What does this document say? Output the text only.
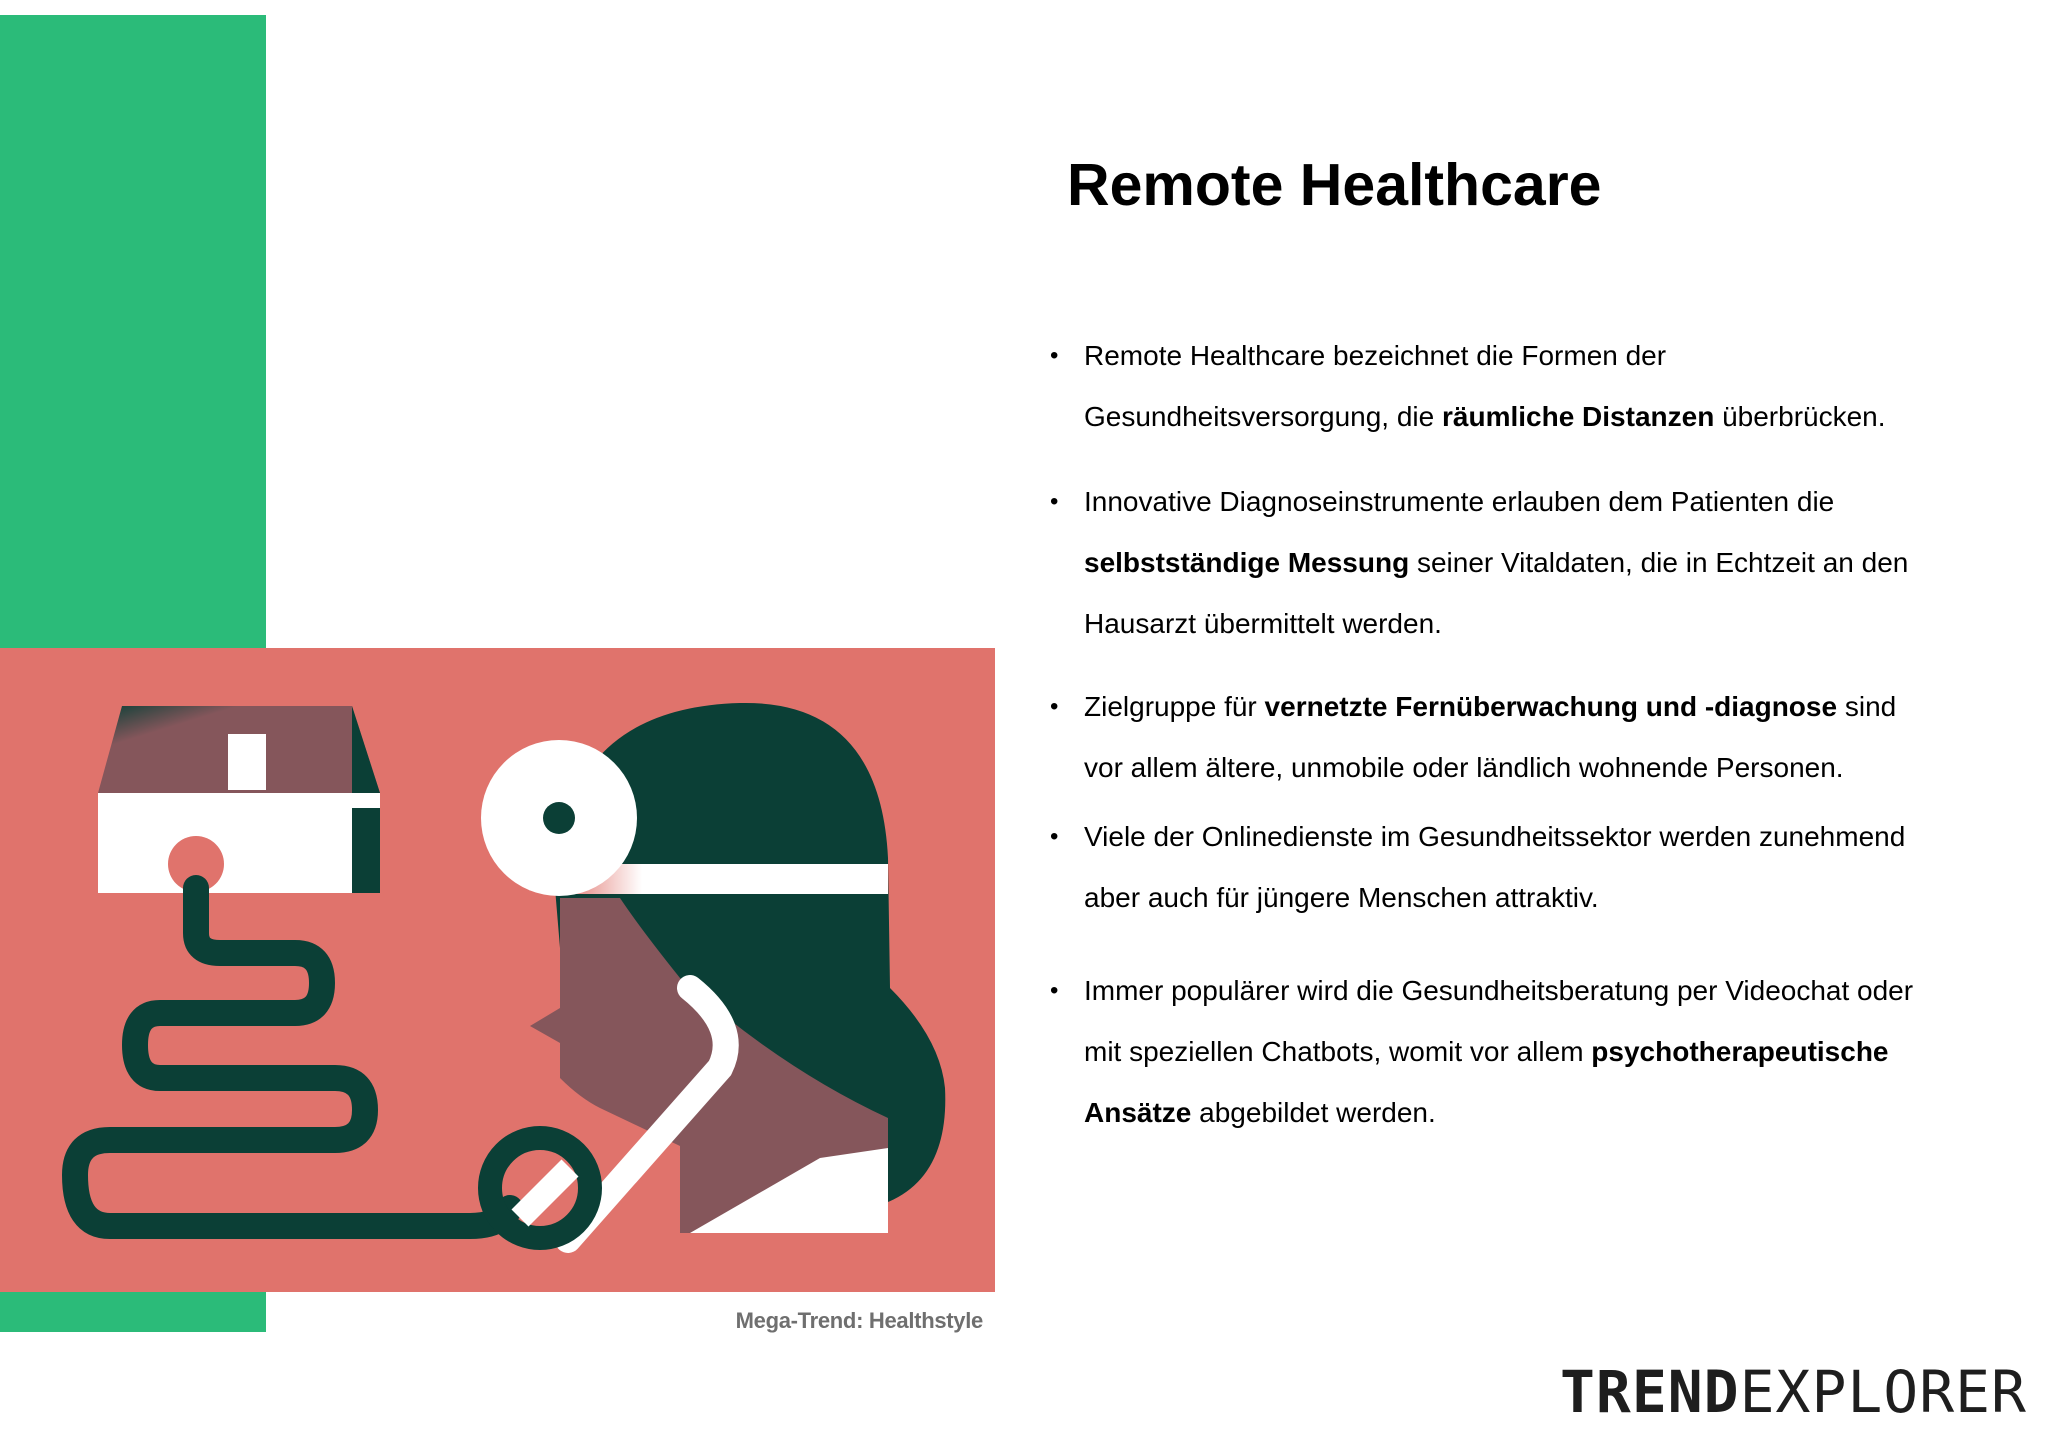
Mega-Trend: Healthstyle
Remote Healthcare
• Remote Healthcare bezeichnet die Formen der
Gesundheitsversorgung, die räumliche Distanzen überbrücken.
• Innovative Diagnoseinstrumente erlauben dem Patienten die
selbstständige Messung seiner Vitaldaten, die in Echtzeit an den
Hausarzt übermittelt werden.
• Zielgruppe für vernetzte Fernüberwachung und -diagnose sind
vor allem ältere, unmobile oder ländlich wohnende Personen.
• Viele der Onlinedienste im Gesundheitssektor werden zunehmend
aber auch für jüngere Menschen attraktiv.
• Immer populärer wird die Gesundheitsberatung per Videochat oder
mit speziellen Chatbots, womit vor allem psychotherapeutische
Ansätze abgebildet werden.
TREND EXPLORER
